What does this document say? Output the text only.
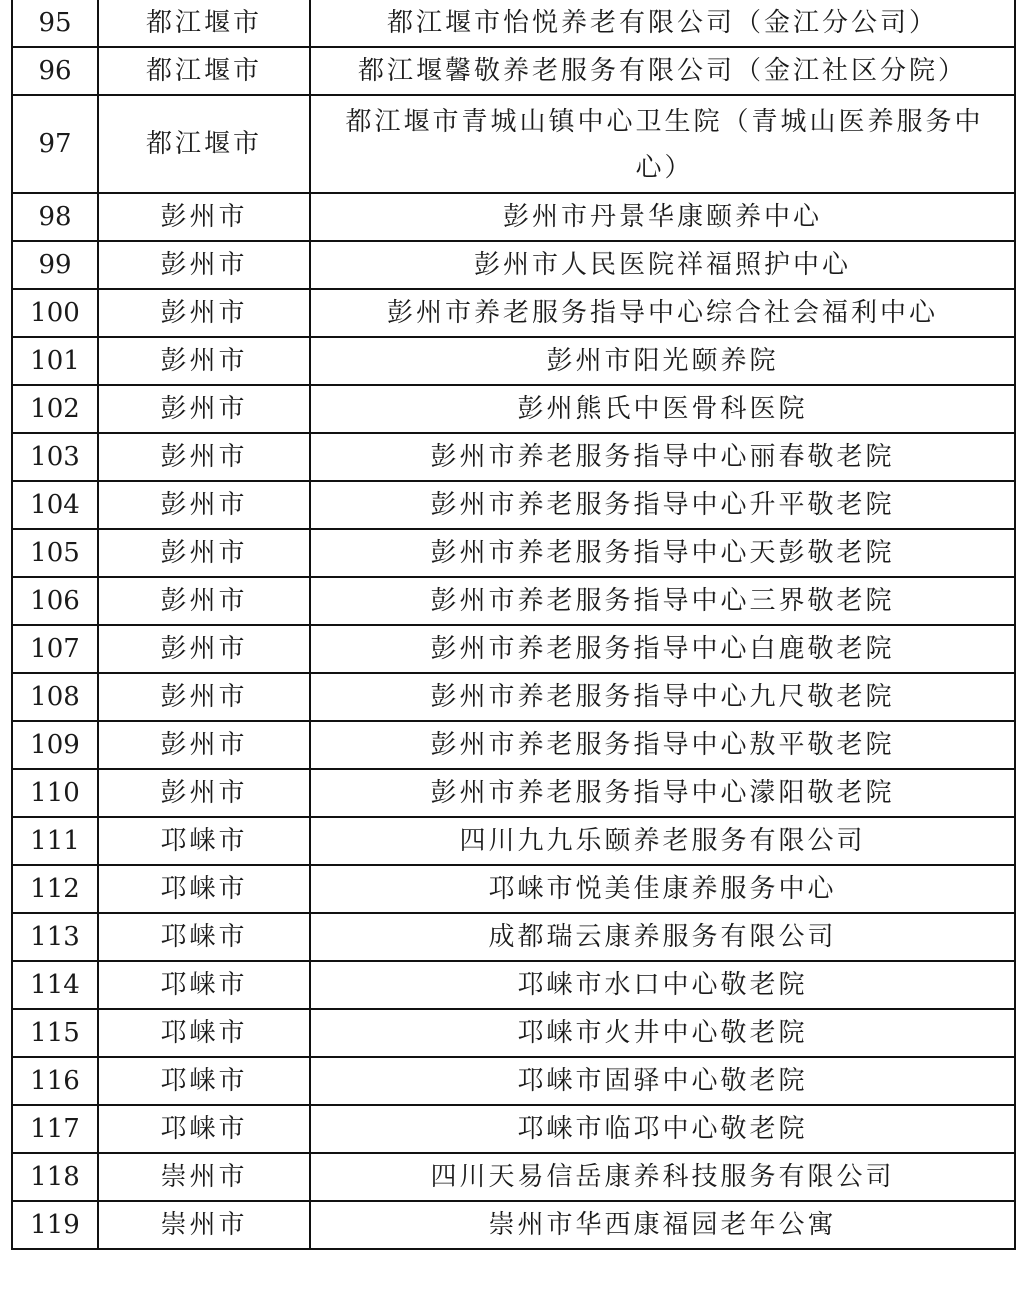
95	都江堰市	都江堰市怡悦养老有限公司（金江分公司）
96	都江堰市	都江堰馨敬养老服务有限公司（金江社区分院）
97	都江堰市	都江堰市青城山镇中心卫生院（青城山医养服务中心）
98	彭州市	彭州市丹景华康颐养中心
99	彭州市	彭州市人民医院祥福照护中心
100	彭州市	彭州市养老服务指导中心综合社会福利中心
101	彭州市	彭州市阳光颐养院
102	彭州市	彭州熊氏中医骨科医院
103	彭州市	彭州市养老服务指导中心丽春敬老院
104	彭州市	彭州市养老服务指导中心升平敬老院
105	彭州市	彭州市养老服务指导中心天彭敬老院
106	彭州市	彭州市养老服务指导中心三界敬老院
107	彭州市	彭州市养老服务指导中心白鹿敬老院
108	彭州市	彭州市养老服务指导中心九尺敬老院
109	彭州市	彭州市养老服务指导中心敖平敬老院
110	彭州市	彭州市养老服务指导中心濛阳敬老院
111	邛崃市	四川九九乐颐养老服务有限公司
112	邛崃市	邛崃市悦美佳康养服务中心
113	邛崃市	成都瑞云康养服务有限公司
114	邛崃市	邛崃市水口中心敬老院
115	邛崃市	邛崃市火井中心敬老院
116	邛崃市	邛崃市固驿中心敬老院
117	邛崃市	邛崃市临邛中心敬老院
118	崇州市	四川天易信岳康养科技服务有限公司
119	崇州市	崇州市华西康福园老年公寓
